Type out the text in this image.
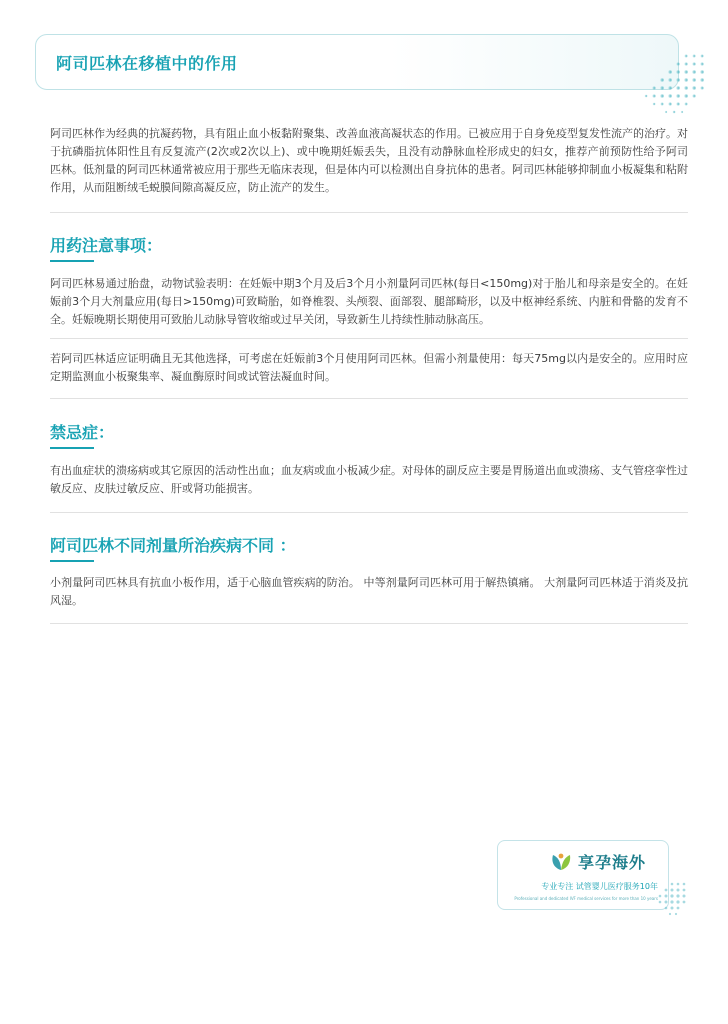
阿司匹林在移植中的作用
阿司匹林作为经典的抗凝药物，具有阻止血小板黏附聚集、改善血液高凝状态的作用。已被应用于自身免疫型复发性流产的治疗。对于抗磷脂抗体阳性且有反复流产(2次或2次以上)、或中晚期妊娠丢失，且没有动静脉血栓形成史的妇女，推荐产前预防性给予阿司匹林。低剂量的阿司匹林通常被应用于那些无临床表现，但是体内可以检测出自身抗体的患者。阿司匹林能够抑制血小板凝集和粘附作用，从而阻断绒毛蜕膜间隙高凝反应，防止流产的发生。
用药注意事项：
阿司匹林易通过胎盘，动物试验表明：在妊娠中期3个月及后3个月小剂量阿司匹林(每日<150mg)对于胎儿和母亲是安全的。在妊娠前3个月大剂量应用(每日>150mg)可致畸胎，如脊椎裂、头颅裂、面部裂、腿部畸形，以及中枢神经系统、内脏和骨骼的发育不全。妊娠晚期长期使用可致胎儿动脉导管收缩或过早关闭，导致新生儿持续性肺动脉高压。
若阿司匹林适应证明确且无其他选择，可考虑在妊娠前3个月使用阿司匹林。但需小剂量使用：每天75mg以内是安全的。应用时应定期监测血小板聚集率、凝血酶原时间或试管法凝血时间。
禁忌症：
有出血症状的溃疡病或其它原因的活动性出血；血友病或血小板减少症。对母体的副反应主要是胃肠道出血或溃疡、支气管痉挛性过敏反应、皮肤过敏反应、肝或肾功能损害。
阿司匹林不同剂量所治疾病不同 ：
小剂量阿司匹林具有抗血小板作用，适于心脑血管疾病的防治。 中等剂量阿司匹林可用于解热镇痛。 大剂量阿司匹林适于消炎及抗风湿。
享孕海外
专业专注 试管婴儿医疗服务10年
Professional and dedicated IVF medical services for more than 10 years
